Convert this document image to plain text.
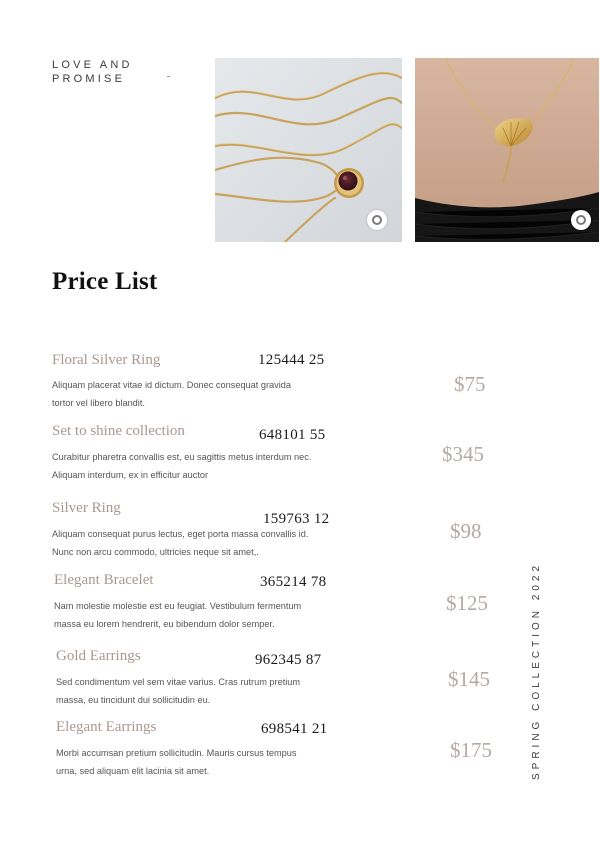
LOVE AND
PROMISE
Price List
Floral Silver Ring	125444 25
Aliquam placerat vitae id dictum. Donec consequat gravida
tortor vel libero blandit.
$75
Set to shine collection	648101 55
Curabitur pharetra convallis est, eu sagittis metus interdum nec.
Aliquam interdum, ex in efficitur auctor
$345
Silver Ring
159763 12
Aliquam consequat purus lectus, eget porta massa convallis id.
Nunc non arcu commodo, ultricies neque sit amet,.
$98
Elegant Bracelet	365214 78
Nam molestie molestie est eu feugiat. Vestibulum fermentum
massa eu lorem hendrerit, eu bibendum dolor semper.
$125
Gold Earrings	962345 87
Sed condimentum vel sem vitae varius. Cras rutrum pretium
massa, eu tincidunt dui sollicitudin eu.
$145
Elegant Earrings	698541 21
Morbi accumsan pretium sollicitudin. Mauris cursus tempus
urna, sed aliquam elit lacinia sit amet.
$175	SPRING COLLECTION 2022
